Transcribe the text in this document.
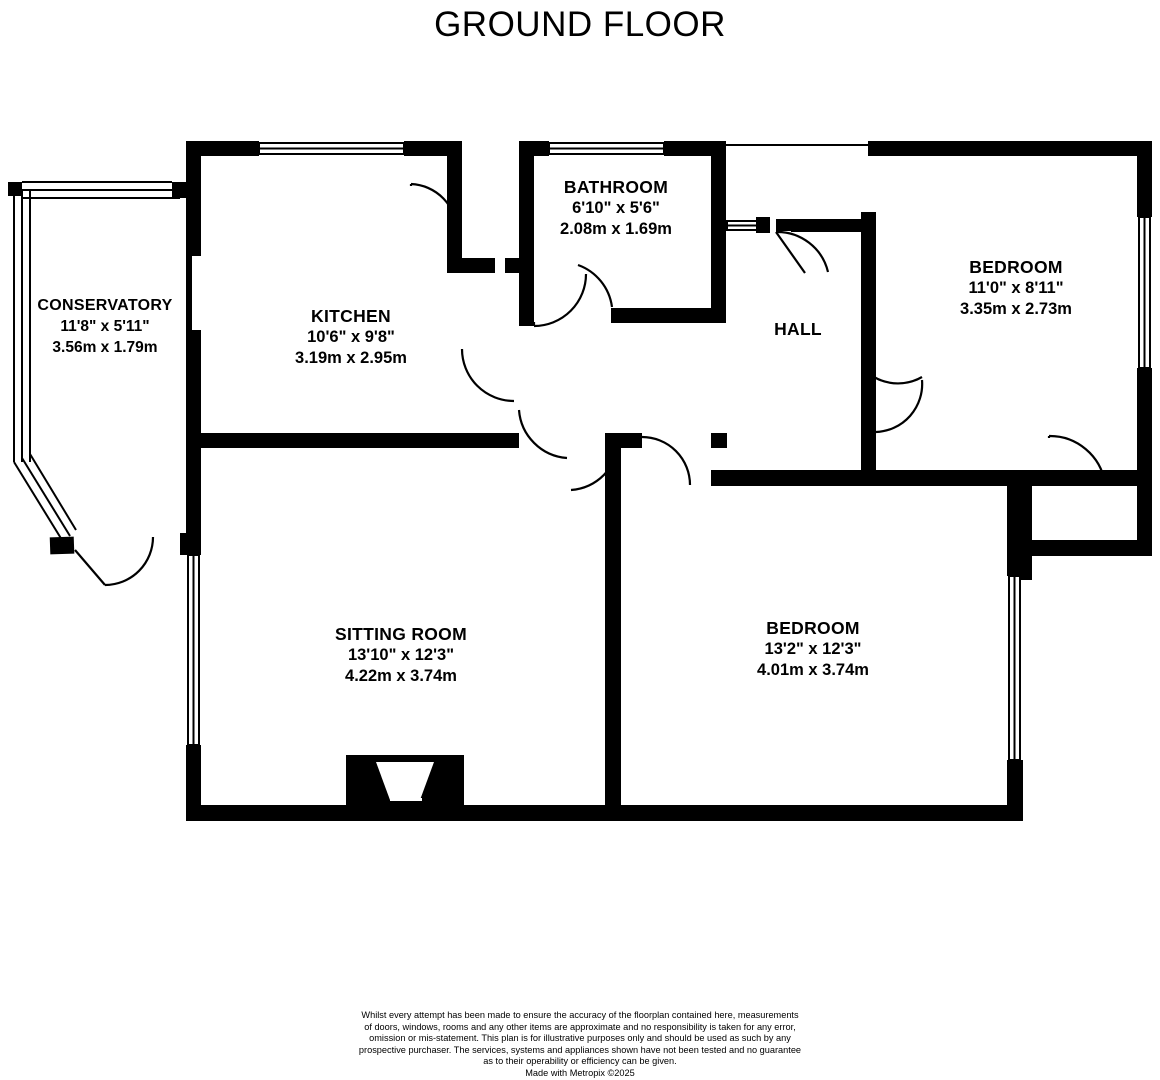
GROUND FLOOR
CONSERVATORY
11'8" x 5'11"
3.56m x 1.79m
KITCHEN
10'6" x 9'8"
3.19m x 2.95m
BATHROOM
6'10" x 5'6"
2.08m x 1.69m
BEDROOM
11'0" x 8'11"
3.35m x 2.73m
HALL
SITTING ROOM
13'10" x 12'3"
4.22m x 3.74m
BEDROOM
13'2" x 12'3"
4.01m x 3.74m
Whilst every attempt has been made to ensure the accuracy of the floorplan contained here, measurements
of doors, windows, rooms and any other items are approximate and no responsibility is taken for any error,
omission or mis-statement. This plan is for illustrative purposes only and should be used as such by any
prospective purchaser. The services, systems and appliances shown have not been tested and no guarantee
as to their operability or efficiency can be given.
Made with Metropix ©2025
